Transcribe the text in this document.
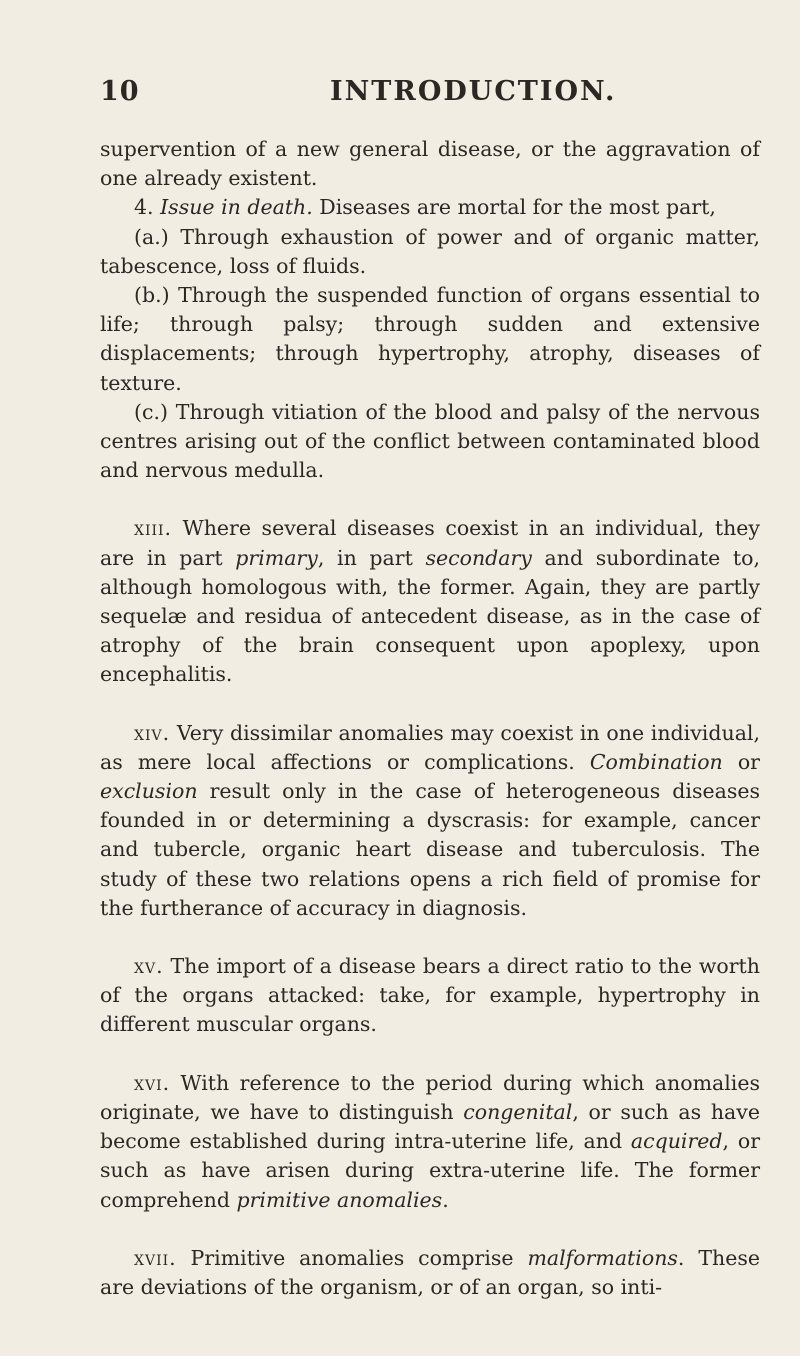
10	INTRODUCTION.

supervention of a new general disease, or the aggravation of one already existent.

4. Issue in death. Diseases are mortal for the most part,

(a.) Through exhaustion of power and of organic matter, tabescence, loss of fluids.

(b.) Through the suspended function of organs essential to life; through palsy; through sudden and extensive displacements; through hypertrophy, atrophy, diseases of texture.

(c.) Through vitiation of the blood and palsy of the nervous centres arising out of the conflict between contaminated blood and nervous medulla.

xiii. Where several diseases coexist in an individual, they are in part primary, in part secondary and subordinate to, although homologous with, the former. Again, they are partly sequelæ and residua of antecedent disease, as in the case of atrophy of the brain consequent upon apoplexy, upon encephalitis.

xiv. Very dissimilar anomalies may coexist in one individual, as mere local affections or complications. Combination or exclusion result only in the case of heterogeneous diseases founded in or determining a dyscrasis: for example, cancer and tubercle, organic heart disease and tuberculosis. The study of these two relations opens a rich field of promise for the furtherance of accuracy in diagnosis.

xv. The import of a disease bears a direct ratio to the worth of the organs attacked: take, for example, hypertrophy in different muscular organs.

xvi. With reference to the period during which anomalies originate, we have to distinguish congenital, or such as have become established during intra-uterine life, and acquired, or such as have arisen during extra-uterine life. The former comprehend primitive anomalies.

xvii. Primitive anomalies comprise malformations. These are deviations of the organism, or of an organ, so inti-
